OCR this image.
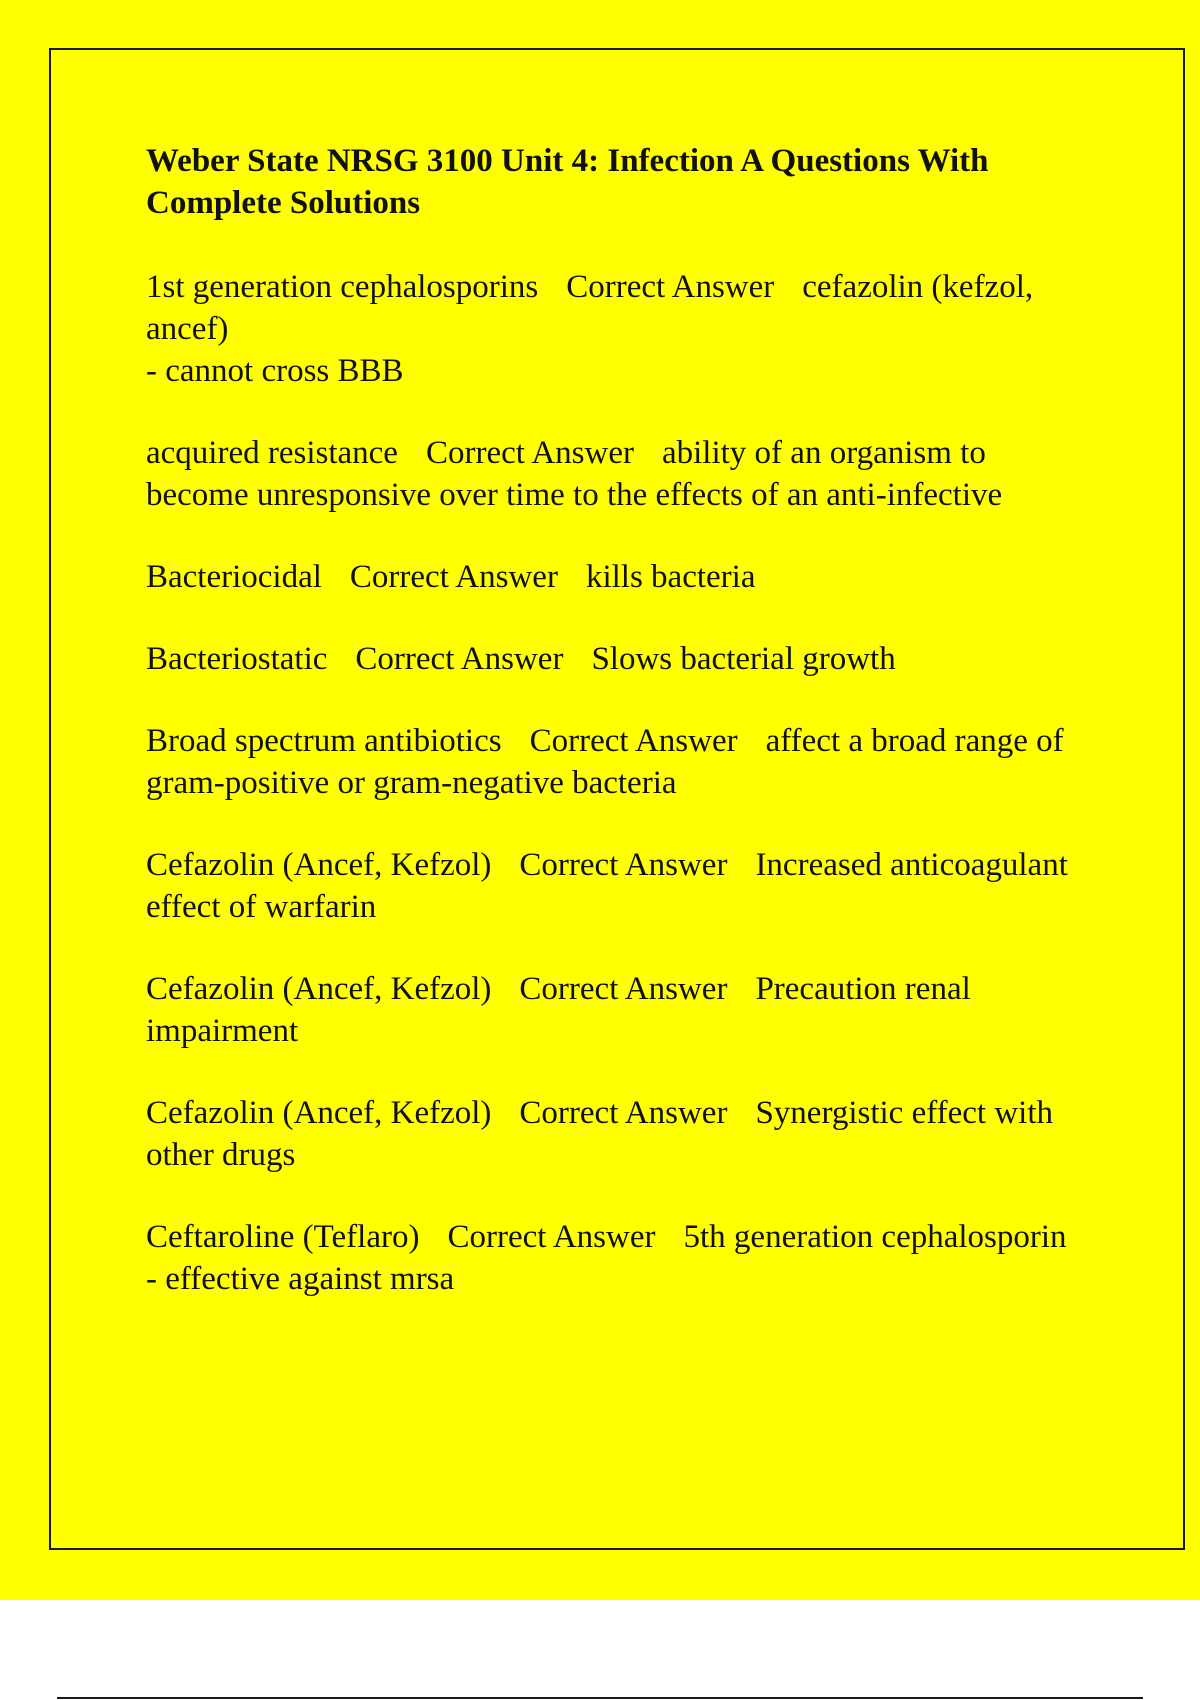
Weber State NRSG 3100 Unit 4: Infection A Questions With Complete Solutions

1st generation cephalosporins Correct Answer cefazolin (kefzol, ancef)
- cannot cross BBB

acquired resistance Correct Answer ability of an organism to become unresponsive over time to the effects of an anti-infective

Bacteriocidal Correct Answer kills bacteria

Bacteriostatic Correct Answer Slows bacterial growth

Broad spectrum antibiotics Correct Answer affect a broad range of gram-positive or gram-negative bacteria

Cefazolin (Ancef, Kefzol) Correct Answer Increased anticoagulant effect of warfarin

Cefazolin (Ancef, Kefzol) Correct Answer Precaution renal impairment

Cefazolin (Ancef, Kefzol) Correct Answer Synergistic effect with other drugs

Ceftaroline (Teflaro) Correct Answer 5th generation cephalosporin
- effective against mrsa
